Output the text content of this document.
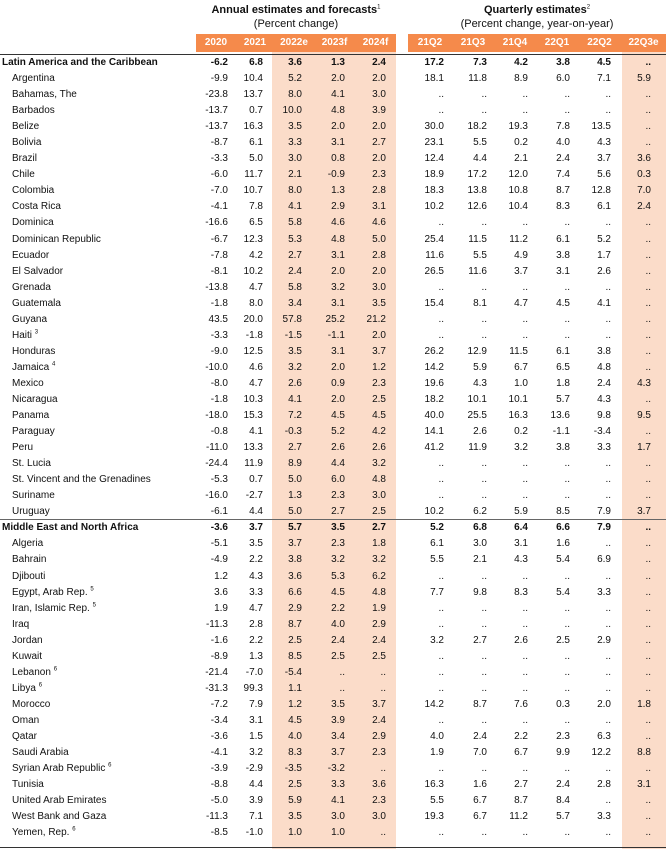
Annual estimates and forecasts$^1$
(Percent change)
Quarterly estimates$^2$
(Percent change, year-on-year)
2020	2021	2022e	2023f	2024f	21Q2	21Q3	21Q4	22Q1	22Q2	22Q3e
Latin America and the Caribbean	-6.2	6.8	3.6	1.3	2.4	17.2	7.3	4.2	3.8	4.5	..
Argentina	-9.9	10.4	5.2	2.0	2.0	18.1	11.8	8.9	6.0	7.1	5.9
Bahamas, The	-23.8	13.7	8.0	4.1	3.0	..	..	..	..	..	..
Barbados	-13.7	0.7	10.0	4.8	3.9	..	..	..	..	..	..
Belize	-13.7	16.3	3.5	2.0	2.0	30.0	18.2	19.3	7.8	13.5	..
Bolivia	-8.7	6.1	3.3	3.1	2.7	23.1	5.5	0.2	4.0	4.3	..
Brazil	-3.3	5.0	3.0	0.8	2.0	12.4	4.4	2.1	2.4	3.7	3.6
Chile	-6.0	11.7	2.1	-0.9	2.3	18.9	17.2	12.0	7.4	5.6	0.3
Colombia	-7.0	10.7	8.0	1.3	2.8	18.3	13.8	10.8	8.7	12.8	7.0
Costa Rica	-4.1	7.8	4.1	2.9	3.1	10.2	12.6	10.4	8.3	6.1	2.4
Dominica	-16.6	6.5	5.8	4.6	4.6	..	..	..	..	..	..
Dominican Republic	-6.7	12.3	5.3	4.8	5.0	25.4	11.5	11.2	6.1	5.2	..
Ecuador	-7.8	4.2	2.7	3.1	2.8	11.6	5.5	4.9	3.8	1.7	..
El Salvador	-8.1	10.2	2.4	2.0	2.0	26.5	11.6	3.7	3.1	2.6	..
Grenada	-13.8	4.7	5.8	3.2	3.0	..	..	..	..	..	..
Guatemala	-1.8	8.0	3.4	3.1	3.5	15.4	8.1	4.7	4.5	4.1	..
Guyana	43.5	20.0	57.8	25.2	21.2	..	..	..	..	..	..
Haiti $^3$	-3.3	-1.8	-1.5	-1.1	2.0	..	..	..	..	..	..
Honduras	-9.0	12.5	3.5	3.1	3.7	26.2	12.9	11.5	6.1	3.8	..
Jamaica $^4$	-10.0	4.6	3.2	2.0	1.2	14.2	5.9	6.7	6.5	4.8	..
Mexico	-8.0	4.7	2.6	0.9	2.3	19.6	4.3	1.0	1.8	2.4	4.3
Nicaragua	-1.8	10.3	4.1	2.0	2.5	18.2	10.1	10.1	5.7	4.3	..
Panama	-18.0	15.3	7.2	4.5	4.5	40.0	25.5	16.3	13.6	9.8	9.5
Paraguay	-0.8	4.1	-0.3	5.2	4.2	14.1	2.6	0.2	-1.1	-3.4	..
Peru	-11.0	13.3	2.7	2.6	2.6	41.2	11.9	3.2	3.8	3.3	1.7
St. Lucia	-24.4	11.9	8.9	4.4	3.2	..	..	..	..	..	..
St. Vincent and the Grenadines	-5.3	0.7	5.0	6.0	4.8	..	..	..	..	..	..
Suriname	-16.0	-2.7	1.3	2.3	3.0	..	..	..	..	..	..
Uruguay	-6.1	4.4	5.0	2.7	2.5	10.2	6.2	5.9	8.5	7.9	3.7
Middle East and North Africa	-3.6	3.7	5.7	3.5	2.7	5.2	6.8	6.4	6.6	7.9	..
Algeria	-5.1	3.5	3.7	2.3	1.8	6.1	3.0	3.1	1.6	..	..
Bahrain	-4.9	2.2	3.8	3.2	3.2	5.5	2.1	4.3	5.4	6.9	..
Djibouti	1.2	4.3	3.6	5.3	6.2	..	..	..	..	..	..
Egypt, Arab Rep. $^5$	3.6	3.3	6.6	4.5	4.8	7.7	9.8	8.3	5.4	3.3	..
Iran, Islamic Rep. $^5$	1.9	4.7	2.9	2.2	1.9	..	..	..	..	..	..
Iraq	-11.3	2.8	8.7	4.0	2.9	..	..	..	..	..	..
Jordan	-1.6	2.2	2.5	2.4	2.4	3.2	2.7	2.6	2.5	2.9	..
Kuwait	-8.9	1.3	8.5	2.5	2.5	..	..	..	..	..	..
Lebanon $^6$	-21.4	-7.0	-5.4	..	..	..	..	..	..	..	..
Libya $^6$	-31.3	99.3	1.1	..	..	..	..	..	..	..	..
Morocco	-7.2	7.9	1.2	3.5	3.7	14.2	8.7	7.6	0.3	2.0	1.8
Oman	-3.4	3.1	4.5	3.9	2.4	..	..	..	..	..	..
Qatar	-3.6	1.5	4.0	3.4	2.9	4.0	2.4	2.2	2.3	6.3	..
Saudi Arabia	-4.1	3.2	8.3	3.7	2.3	1.9	7.0	6.7	9.9	12.2	8.8
Syrian Arab Republic $^6$	-3.9	-2.9	-3.5	-3.2	..	..	..	..	..	..	..
Tunisia	-8.8	4.4	2.5	3.3	3.6	16.3	1.6	2.7	2.4	2.8	3.1
United Arab Emirates	-5.0	3.9	5.9	4.1	2.3	5.5	6.7	8.7	8.4	..	..
West Bank and Gaza	-11.3	7.1	3.5	3.0	3.0	19.3	6.7	11.2	5.7	3.3	..
Yemen, Rep. $^6$	-8.5	-1.0	1.0	1.0	..	..	..	..	..	..	..
